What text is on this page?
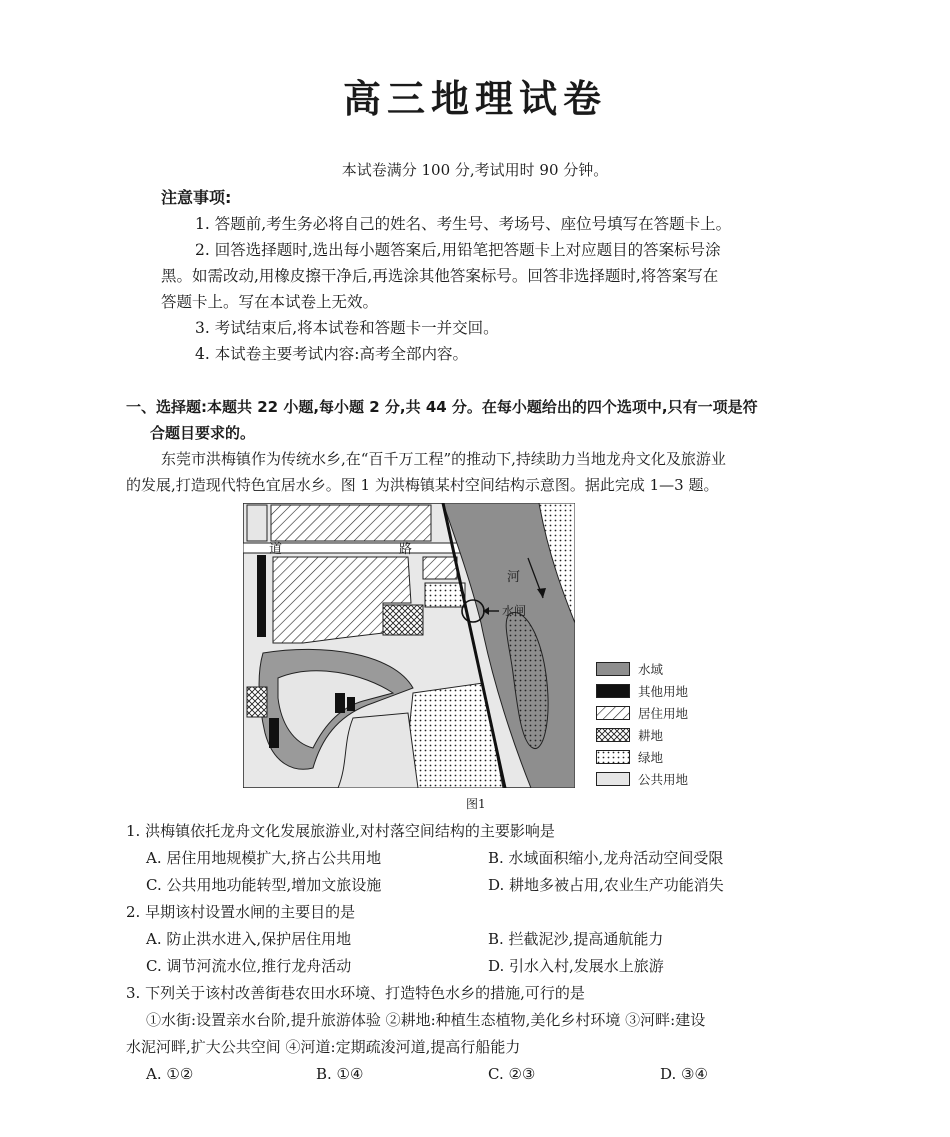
高三地理试卷
本试卷满分 100 分,考试用时 90 分钟。
注意事项:
1. 答题前,考生务必将自己的姓名、考生号、考场号、座位号填写在答题卡上。
2. 回答选择题时,选出每小题答案后,用铅笔把答题卡上对应题目的答案标号涂
黑。如需改动,用橡皮擦干净后,再选涂其他答案标号。回答非选择题时,将答案写在
答题卡上。写在本试卷上无效。
3. 考试结束后,将本试卷和答题卡一并交回。
4. 本试卷主要考试内容:高考全部内容。
一、选择题:本题共 22 小题,每小题 2 分,共 44 分。在每小题给出的四个选项中,只有一项是符
合题目要求的。
东莞市洪梅镇作为传统水乡,在“百千万工程”的推动下,持续助力当地龙舟文化及旅游业
的发展,打造现代特色宜居水乡。图 1 为洪梅镇某村空间结构示意图。据此完成 1—3 题。
道	路
河
水闸
水域
其他用地
居住用地
耕地
绿地
公共用地
图1
1. 洪梅镇依托龙舟文化发展旅游业,对村落空间结构的主要影响是
A. 居住用地规模扩大,挤占公共用地	B. 水域面积缩小,龙舟活动空间受限
C. 公共用地功能转型,增加文旅设施	D. 耕地多被占用,农业生产功能消失
2. 早期该村设置水闸的主要目的是
A. 防止洪水进入,保护居住用地	B. 拦截泥沙,提高通航能力
C. 调节河流水位,推行龙舟活动	D. 引水入村,发展水上旅游
3. 下列关于该村改善街巷农田水环境、打造特色水乡的措施,可行的是
①水街:设置亲水台阶,提升旅游体验 ②耕地:种植生态植物,美化乡村环境 ③河畔:建设
水泥河畔,扩大公共空间 ④河道:定期疏浚河道,提高行船能力
A. ①②	B. ①④	C. ②③	D. ③④
